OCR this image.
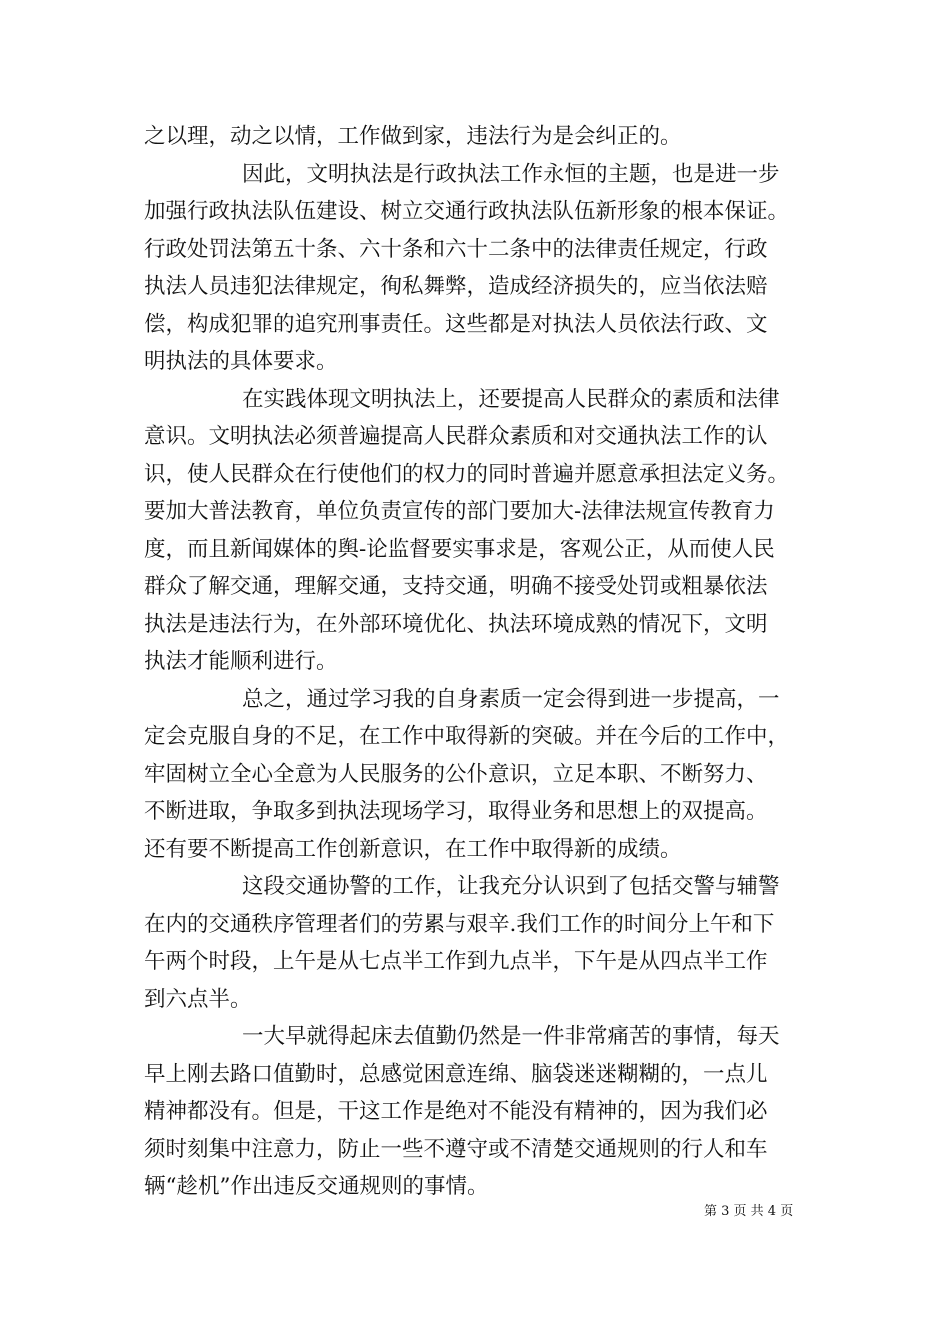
之以理，动之以情，工作做到家，违法行为是会纠正的。
因此，文明执法是行政执法工作永恒的主题，也是进一步
加强行政执法队伍建设、树立交通行政执法队伍新形象的根本保证。
行政处罚法第五十条、六十条和六十二条中的法律责任规定，行政
执法人员违犯法律规定，徇私舞弊，造成经济损失的，应当依法赔
偿，构成犯罪的追究刑事责任。这些都是对执法人员依法行政、文
明执法的具体要求。
在实践体现文明执法上，还要提高人民群众的素质和法律
意识。文明执法必须普遍提高人民群众素质和对交通执法工作的认
识，使人民群众在行使他们的权力的同时普遍并愿意承担法定义务。
要加大普法教育，单位负责宣传的部门要加大-法律法规宣传教育力
度，而且新闻媒体的舆-论监督要实事求是，客观公正，从而使人民
群众了解交通，理解交通，支持交通，明确不接受处罚或粗暴依法
执法是违法行为，在外部环境优化、执法环境成熟的情况下，文明
执法才能顺利进行。
总之，通过学习我的自身素质一定会得到进一步提高，一
定会克服自身的不足，在工作中取得新的突破。并在今后的工作中，
牢固树立全心全意为人民服务的公仆意识，立足本职、不断努力、
不断进取，争取多到执法现场学习，取得业务和思想上的双提高。
还有要不断提高工作创新意识，在工作中取得新的成绩。
这段交通协警的工作，让我充分认识到了包括交警与辅警
在内的交通秩序管理者们的劳累与艰辛.我们工作的时间分上午和下
午两个时段，上午是从七点半工作到九点半，下午是从四点半工作
到六点半。
一大早就得起床去值勤仍然是一件非常痛苦的事情，每天
早上刚去路口值勤时，总感觉困意连绵、脑袋迷迷糊糊的，一点儿
精神都没有。但是，干这工作是绝对不能没有精神的，因为我们必
须时刻集中注意力，防止一些不遵守或不清楚交通规则的行人和车
辆“趁机”作出违反交通规则的事情。
第 3 页 共 4 页
